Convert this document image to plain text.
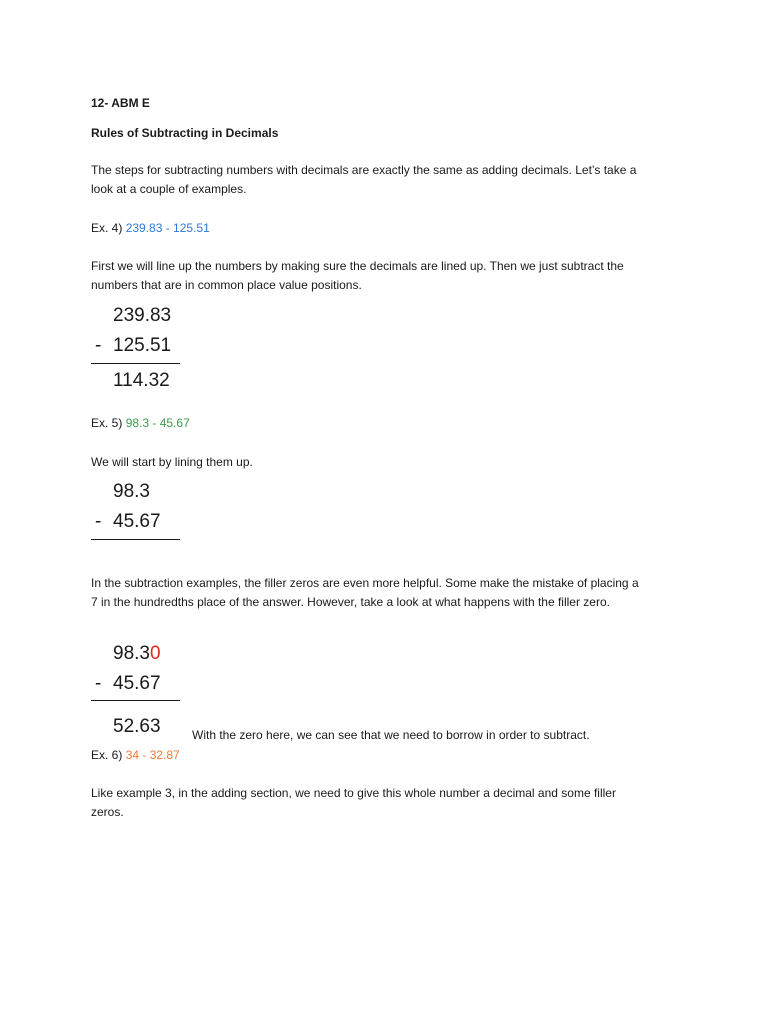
12- ABM E
Rules of Subtracting in Decimals
The steps for subtracting numbers with decimals are exactly the same as adding decimals. Let’s take a
look at a couple of examples.
Ex. 4) 239.83 - 125.51
First we will line up the numbers by making sure the decimals are lined up. Then we just subtract the
numbers that are in common place value positions.
239.83
- 125.51
114.32
Ex. 5) 98.3 - 45.67
We will start by lining them up.
98.3
- 45.67
In the subtraction examples, the filler zeros are even more helpful. Some make the mistake of placing a
7 in the hundredths place of the answer. However, take a look at what happens with the filler zero.
98.30
- 45.67
52.63	With the zero here, we can see that we need to borrow in order to subtract.
Ex. 6) 34 - 32.87
Like example 3, in the adding section, we need to give this whole number a decimal and some filler
zeros.
